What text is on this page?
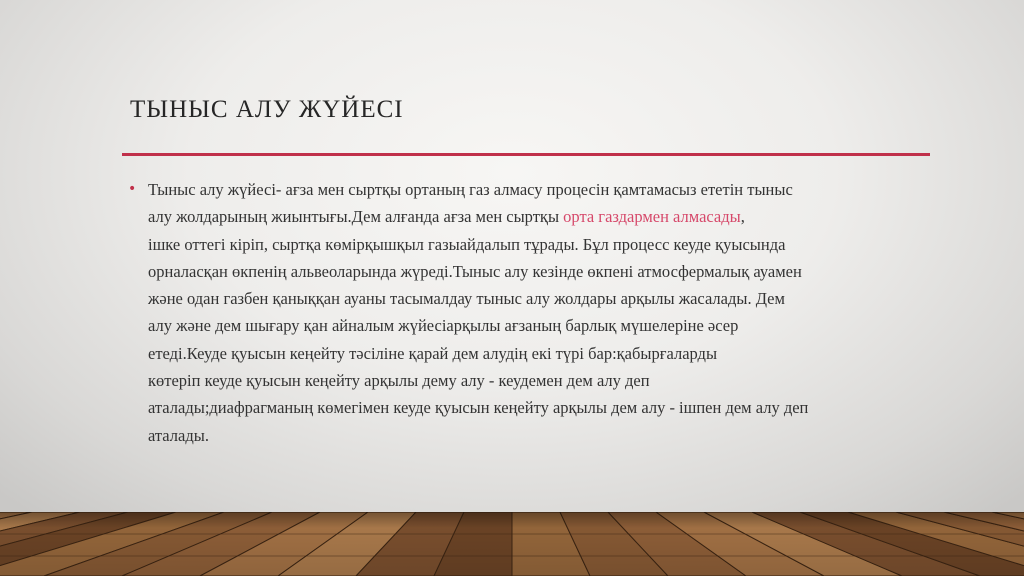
ТЫНЫС АЛУ ЖҮЙЕСІ
• Тыныс алу жүйесі- ағза мен сыртқы ортаның газ алмасу процесін қамтамасыз ететін тыныс
алу жолдарының жиынтығы.Дем алғанда ағза мен сыртқы орта газдармен алмасады,
ішке оттегі кіріп, сыртқа көмірқышқыл газыайдалып тұрады. Бұл процесс кеуде қуысында
орналасқан өкпенің альвеоларында жүреді.Тыныс алу кезінде өкпені атмосфермалық ауамен
және одан газбен қаныққан ауаны тасымалдау тыныс алу жолдары арқылы жасалады. Дем
алу және дем шығару қан айналым жүйесіарқылы ағзаның барлық мүшелеріне әсер
етеді.Кеуде қуысын кеңейту тәсіліне қарай дем алудің екі түрі бар:қабырғаларды
көтеріп кеуде қуысын кеңейту арқылы дему алу - кеудемен дем алу деп
аталады;диафрагманың көмегімен кеуде қуысын кеңейту арқылы дем алу - ішпен дем алу деп
аталады.
